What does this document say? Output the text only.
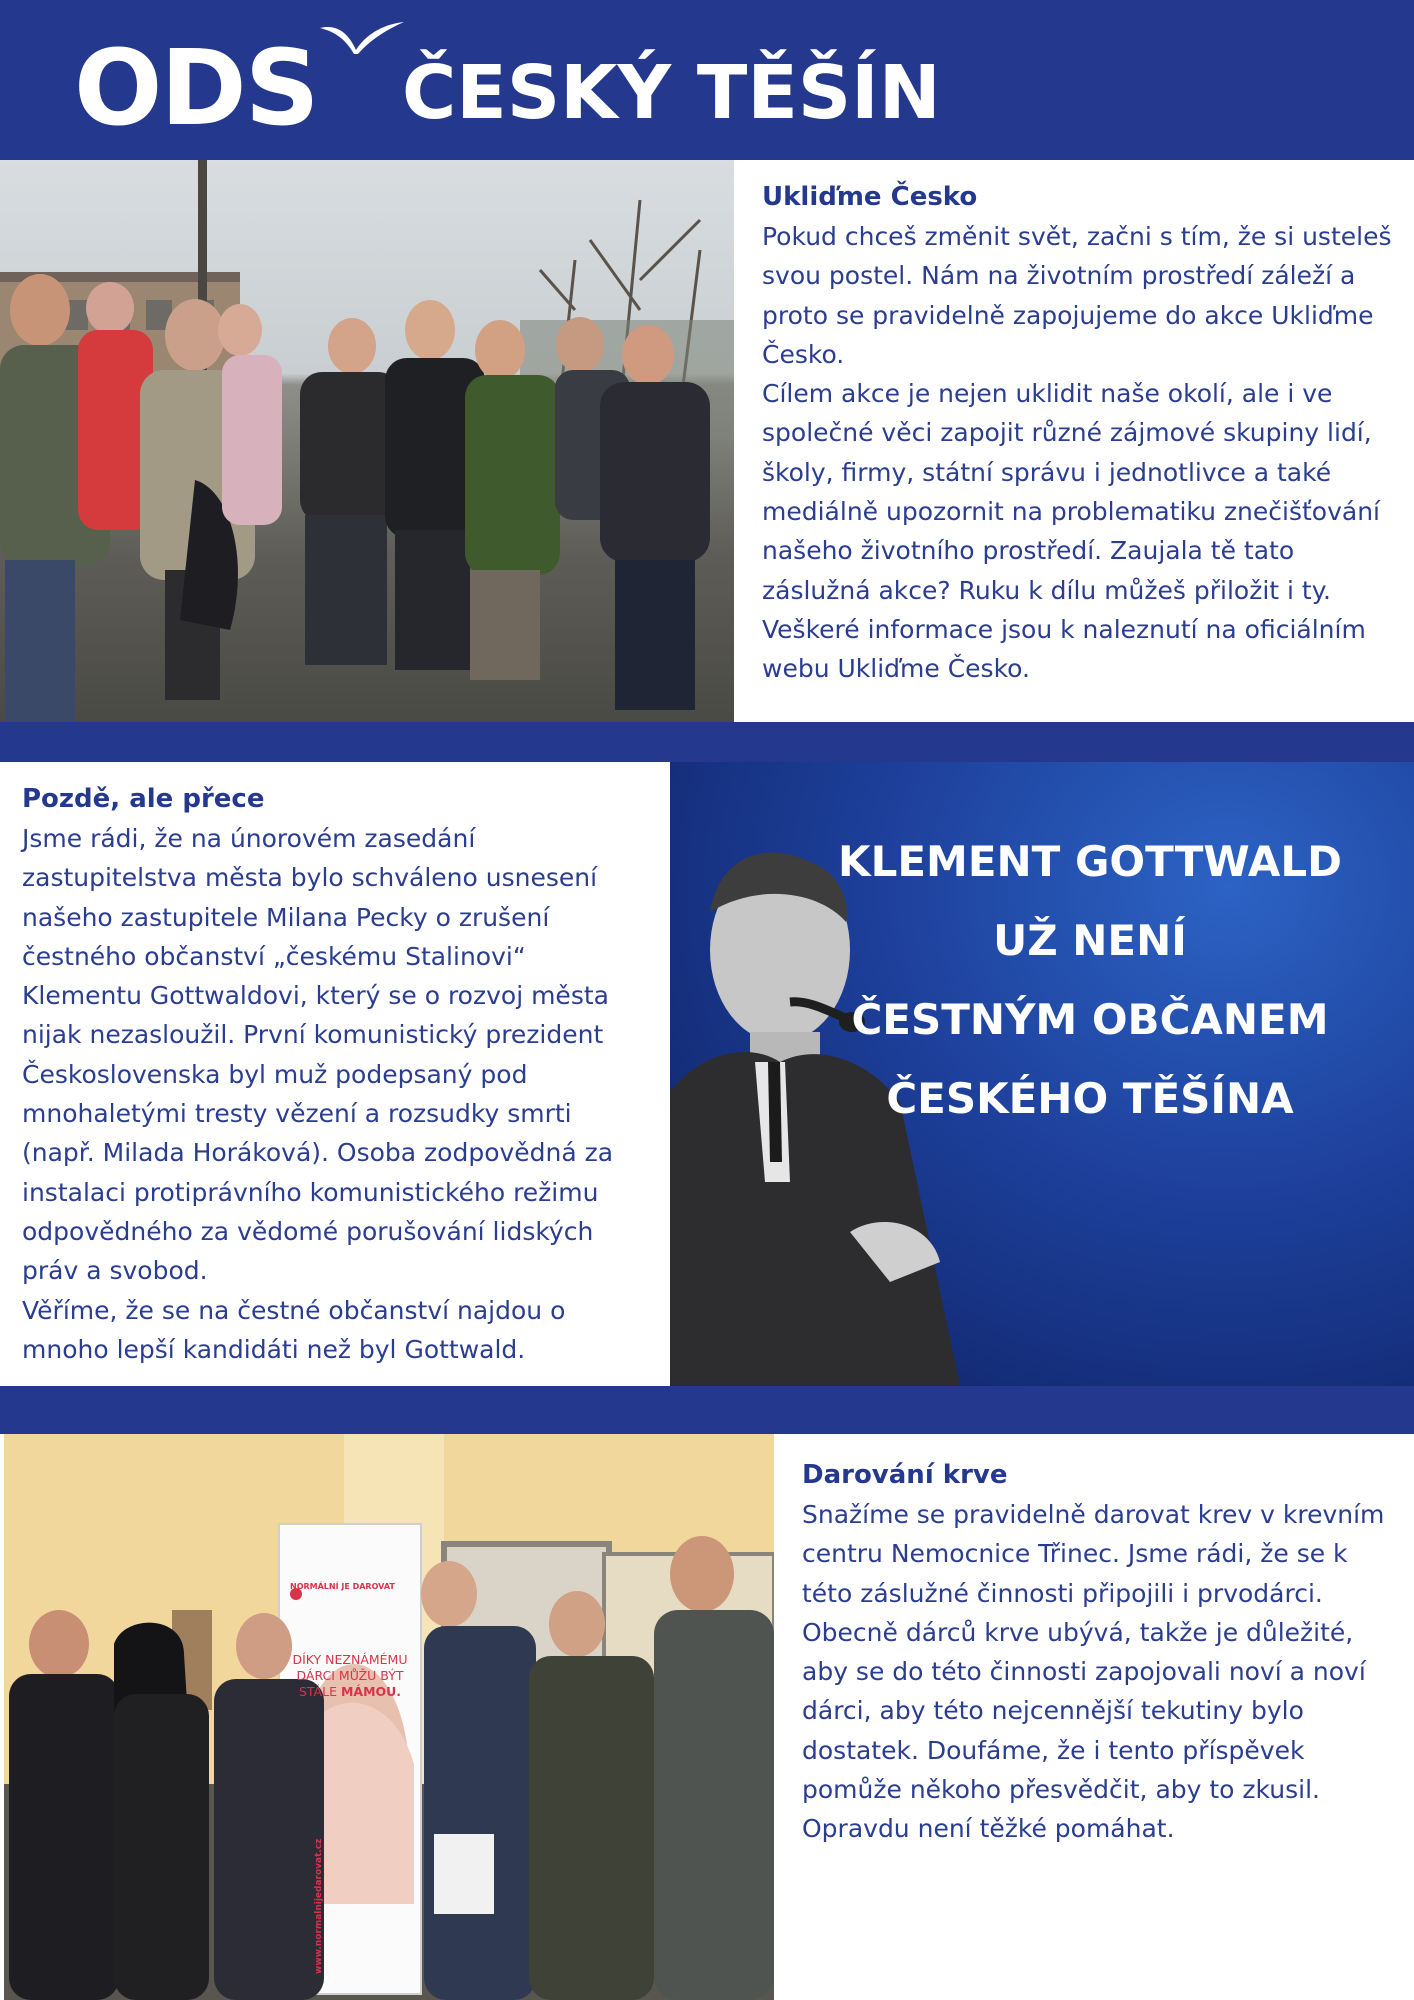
ODS ČESKÝ TĚŠÍN
Ukliďme Česko

Pokud chceš změnit svět, začni s tím, že si usteleš svou postel. Nám na životním prostředí záleží a proto se pravidelně zapojujeme do akce Ukliďme Česko.

Cílem akce je nejen uklidit naše okolí, ale i ve společné věci zapojit různé zájmové skupiny lidí, školy, firmy, státní správu i jednotlivce a také mediálně upozornit na problematiku znečišťování našeho životního prostředí. Zaujala tě tato záslužná akce? Ruku k dílu můžeš přiložit i ty. Veškeré informace jsou k naleznutí na oficiálním webu Ukliďme Česko.

Pozdě, ale přece

Jsme rádi, že na únorovém zasedání zastupitelstva města bylo schváleno usnesení našeho zastupitele Milana Pecky o zrušení čestného občanství „českému Stalinovi“ Klementu Gottwaldovi, který se o rozvoj města nijak nezasloužil. První komunistický prezident Československa byl muž podepsaný pod mnohaletými tresty vězení a rozsudky smrti (např. Milada Horáková). Osoba zodpovědná za instalaci protiprávního komunistického režimu odpovědného za vědomé porušování lidských práv a svobod.

Věříme, že se na čestné občanství najdou o mnoho lepší kandidáti než byl Gottwald.

KLEMENT GOTTWALD
UŽ NENÍ
ČESTNÝM OBČANEM
ČESKÉHO TĚŠÍNA
NORMÁLNÍ JE DAROVAT
DÍKY NEZNÁMÉMU
DÁRCI MŮŽU BÝT
STÁLE MÁMOU.
www.normalnijedarovat.cz
Darování krve

Snažíme se pravidelně darovat krev v krevním centru Nemocnice Třinec. Jsme rádi, že se k této záslužné činnosti připojili i prvodárci. Obecně dárců krve ubývá, takže je důležité, aby se do této činnosti zapojovali noví a noví dárci, aby této nejcennější tekutiny bylo dostatek. Doufáme, že i tento příspěvek pomůže někoho přesvědčit, aby to zkusil. Opravdu není těžké pomáhat.
